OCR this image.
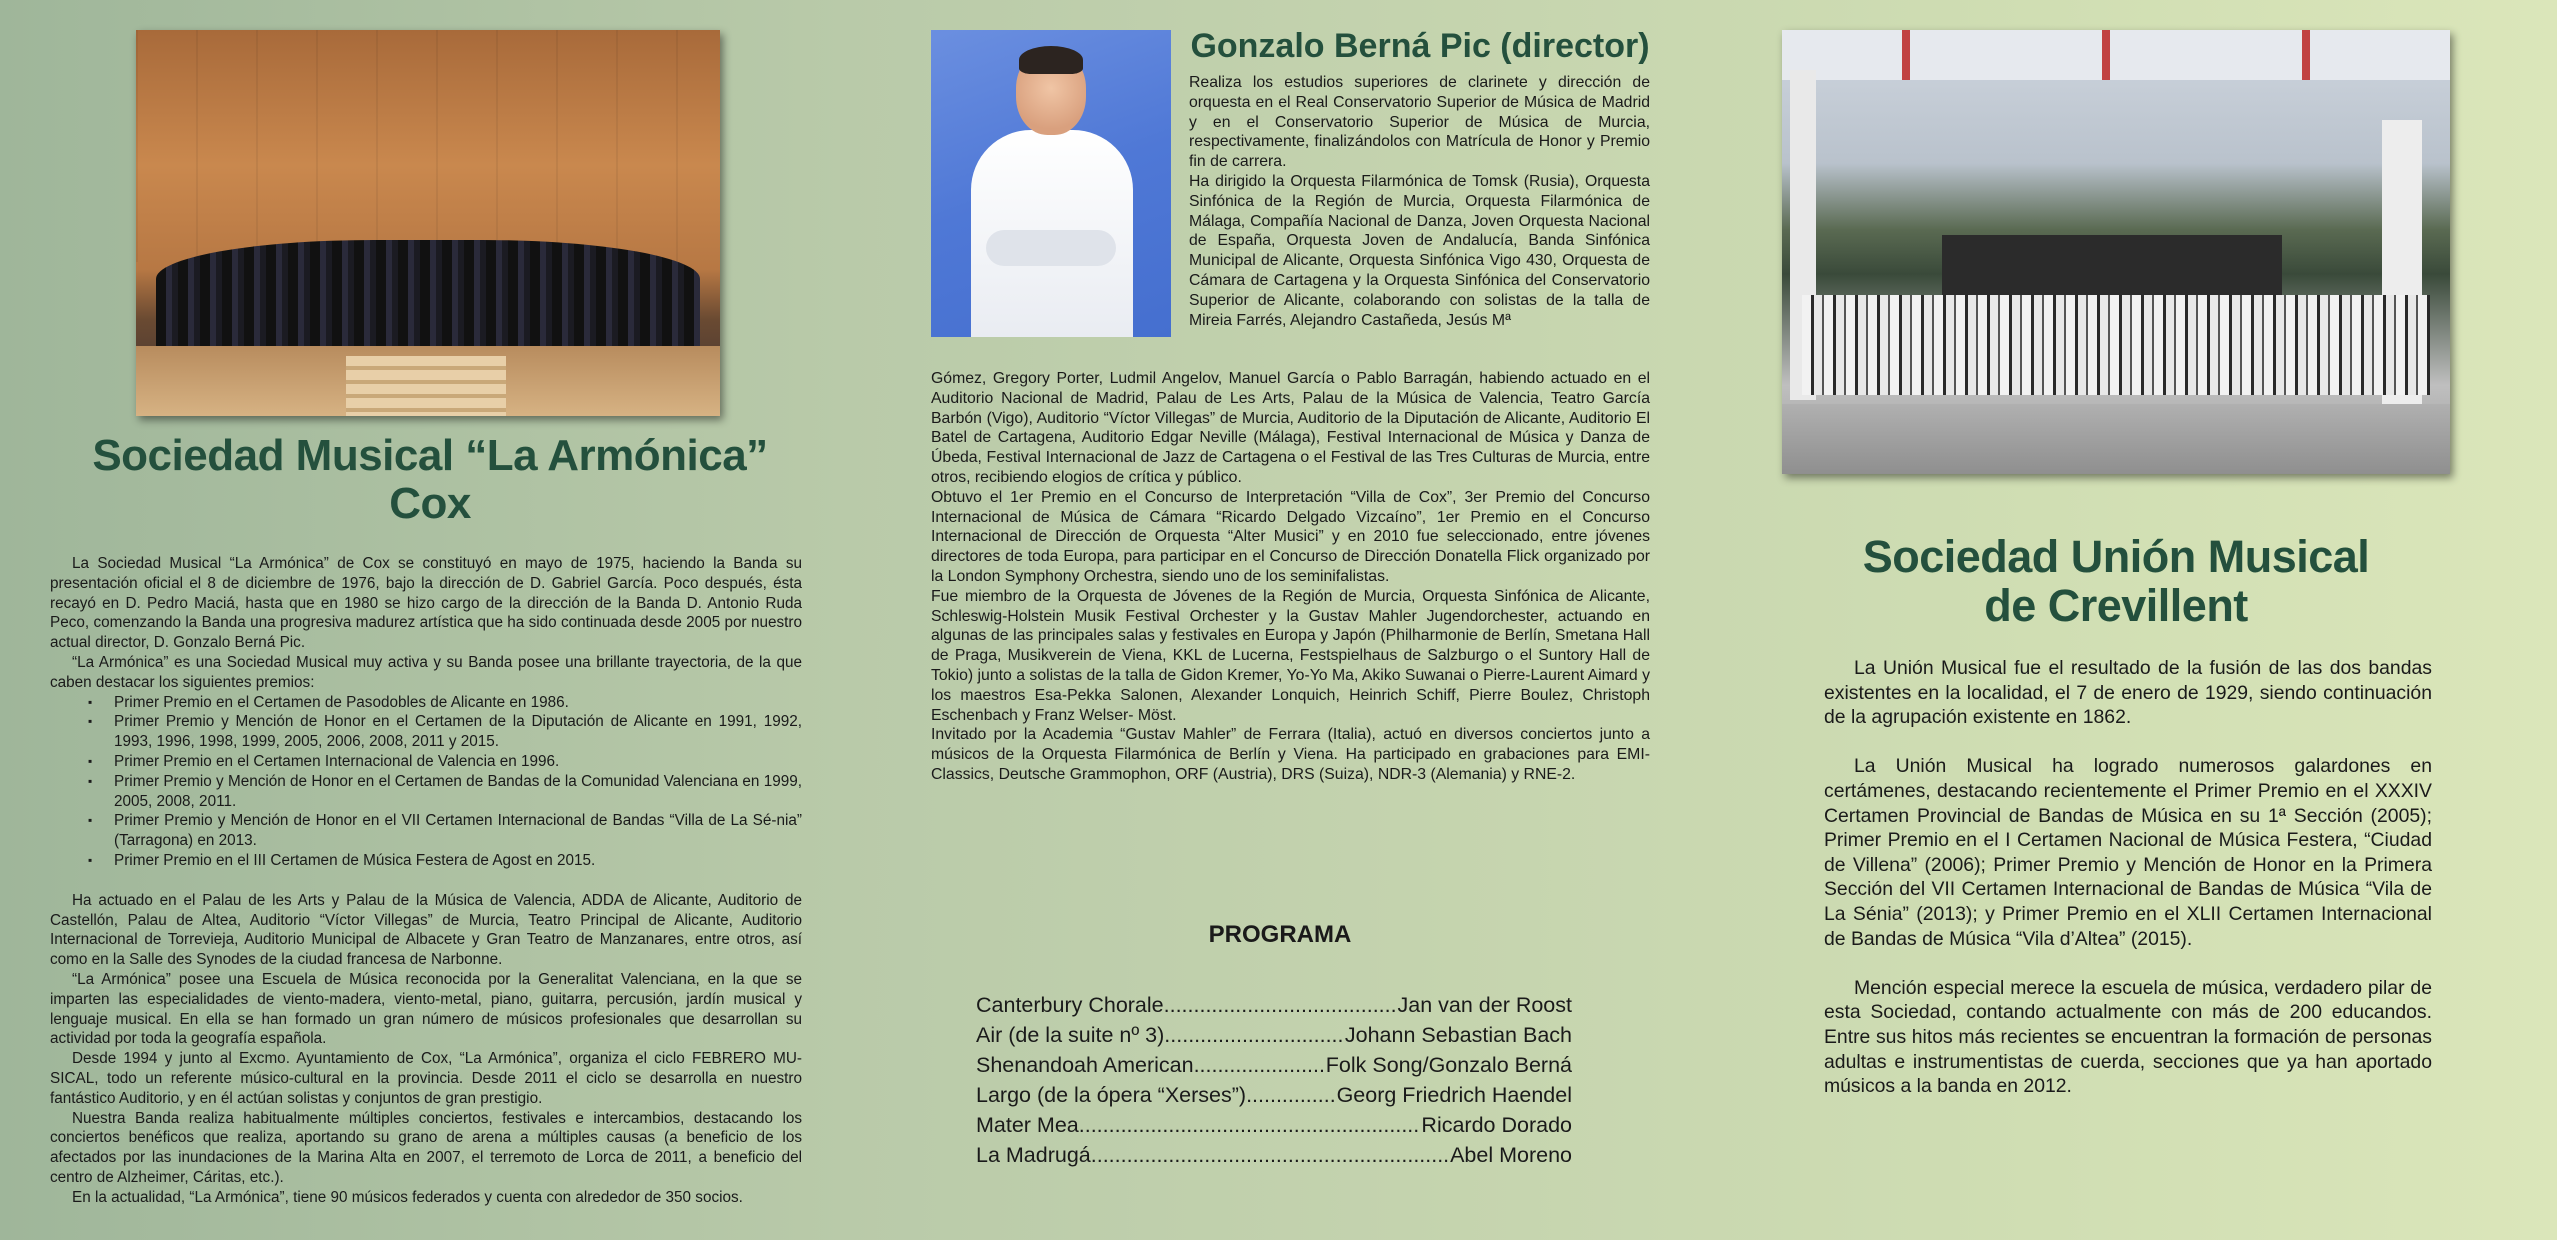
Sociedad Musical “La Armónica”
Cox

La Sociedad Musical “La Armónica” de Cox se constituyó en mayo de 1975, haciendo la Banda su presentación oficial el 8 de diciembre de 1976, bajo la dirección de D. Gabriel García. Poco después, ésta recayó en D. Pedro Maciá, hasta que en 1980 se hizo cargo de la dirección de la Banda D. Antonio Ruda Peco, comenzando la Banda una progresiva madurez artística que ha sido continuada desde 2005 por nuestro actual director, D. Gonzalo Berná Pic.

“La Armónica” es una Sociedad Musical muy activa y su Banda posee una brillante trayectoria, de la que caben destacar los siguientes premios:

▪ Primer Premio en el Certamen de Pasodobles de Alicante en 1986.
▪ Primer Premio y Mención de Honor en el Certamen de la Diputación de Alicante en 1991, 1992, 1993, 1996, 1998, 1999, 2005, 2006, 2008, 2011 y 2015.
▪ Primer Premio en el Certamen Internacional de Valencia en 1996.
▪ Primer Premio y Mención de Honor en el Certamen de Bandas de la Comunidad Valenciana en 1999, 2005, 2008, 2011.
▪ Primer Premio y Mención de Honor en el VII Certamen Internacional de Bandas “Villa de La Sé-nia” (Tarragona) en 2013.
▪ Primer Premio en el III Certamen de Música Festera de Agost en 2015.

Ha actuado en el Palau de les Arts y Palau de la Música de Valencia, ADDA de Alicante, Auditorio de Castellón, Palau de Altea, Auditorio “Víctor Villegas” de Murcia, Teatro Principal de Alicante, Auditorio Internacional de Torrevieja, Auditorio Municipal de Albacete y Gran Teatro de Manzanares, entre otros, así como en la Salle des Synodes de la ciudad francesa de Narbonne.

“La Armónica” posee una Escuela de Música reconocida por la Generalitat Valenciana, en la que se imparten las especialidades de viento-madera, viento-metal, piano, guitarra, percusión, jardín musical y lenguaje musical. En ella se han formado un gran número de músicos profesionales que desarrollan su actividad por toda la geografía española.

Desde 1994 y junto al Excmo. Ayuntamiento de Cox, “La Armónica”, organiza el ciclo FEBRERO MU-SICAL, todo un referente músico-cultural en la provincia. Desde 2011 el ciclo se desarrolla en nuestro fantástico Auditorio, y en él actúan solistas y conjuntos de gran prestigio.

Nuestra Banda realiza habitualmente múltiples conciertos, festivales e intercambios, destacando los conciertos benéficos que realiza, aportando su grano de arena a múltiples causas (a beneficio de los afectados por las inundaciones de la Marina Alta en 2007, el terremoto de Lorca de 2011, a beneficio del centro de Alzheimer, Cáritas, etc.).

En la actualidad, “La Armónica”, tiene 90 músicos federados y cuenta con alrededor de 350 socios.

Gonzalo Berná Pic (director)

Realiza los estudios superiores de clarinete y dirección de orquesta en el Real Conservatorio Superior de Música de Madrid y en el Conservatorio Superior de Música de Murcia, respectivamente, finalizándolos con Matrícula de Honor y Premio fin de carrera.

Ha dirigido la Orquesta Filarmónica de Tomsk (Rusia), Orquesta Sinfónica de la Región de Murcia, Orquesta Filarmónica de Málaga, Compañía Nacional de Danza, Joven Orquesta Nacional de España, Orquesta Joven de Andalucía, Banda Sinfónica Municipal de Alicante, Orquesta Sinfónica Vigo 430, Orquesta de Cámara de Cartagena y la Orquesta Sinfónica del Conservatorio Superior de Alicante, colaborando con solistas de la talla de Mireia Farrés, Alejandro Castañeda, Jesús Mª

Gómez, Gregory Porter, Ludmil Angelov, Manuel García o Pablo Barragán, habiendo actuado en el Auditorio Nacional de Madrid, Palau de Les Arts, Palau de la Música de Valencia, Teatro García Barbón (Vigo), Auditorio “Víctor Villegas” de Murcia, Auditorio de la Diputación de Alicante, Auditorio El Batel de Cartagena, Auditorio Edgar Neville (Málaga), Festival Internacional de Música y Danza de Úbeda, Festival Internacional de Jazz de Cartagena o el Festival de las Tres Culturas de Murcia, entre otros, recibiendo elogios de crítica y público.

Obtuvo el 1er Premio en el Concurso de Interpretación “Villa de Cox”, 3er Premio del Concurso Internacional de Música de Cámara “Ricardo Delgado Vizcaíno”, 1er Premio en el Concurso Internacional de Dirección de Orquesta “Alter Musici” y en 2010 fue seleccionado, entre jóvenes directores de toda Europa, para participar en el Concurso de Dirección Donatella Flick organizado por la London Symphony Orchestra, siendo uno de los seminifalistas.

Fue miembro de la Orquesta de Jóvenes de la Región de Murcia, Orquesta Sinfónica de Alicante, Schleswig-Holstein Musik Festival Orchester y la Gustav Mahler Jugendorchester, actuando en algunas de las principales salas y festivales en Europa y Japón (Philharmonie de Berlín, Smetana Hall de Praga, Musikverein de Viena, KKL de Lucerna, Festspielhaus de Salzburgo o el Suntory Hall de Tokio) junto a solistas de la talla de Gidon Kremer, Yo-Yo Ma, Akiko Suwanai o Pierre-Laurent Aimard y los maestros Esa-Pekka Salonen, Alexander Lonquich, Heinrich Schiff, Pierre Boulez, Christoph Eschenbach y Franz Welser- Möst.

Invitado por la Academia “Gustav Mahler” de Ferrara (Italia), actuó en diversos conciertos junto a músicos de la Orquesta Filarmónica de Berlín y Viena. Ha participado en grabaciones para EMI-Classics, Deutsche Grammophon, ORF (Austria), DRS (Suiza), NDR-3 (Alemania) y RNE-2.

PROGRAMA
Canterbury Chorale .....	Jan van der Roost
Air (de la suite nº 3) .....	Johann Sebastian Bach
Shenandoah American .....	Folk Song/Gonzalo Berná
Largo (de la ópera “Xerses”) .....	Georg Friedrich Haendel
Mater Mea .....	Ricardo Dorado
La Madrugá .....	Abel Moreno
Sociedad Unión Musical
de Crevillent

La Unión Musical fue el resultado de la fusión de las dos bandas existentes en la localidad, el 7 de enero de 1929, siendo continuación de la agrupación existente en 1862.

La Unión Musical ha logrado numerosos galardones en certámenes, destacando recientemente el Primer Premio en el XXXIV Certamen Provincial de Bandas de Música en su 1ª Sección (2005); Primer Premio en el I Certamen Nacional de Música Festera, “Ciudad de Villena” (2006); Primer Premio y Mención de Honor en la Primera Sección del VII Certamen Internacional de Bandas de Música “Vila de La Sénia” (2013); y Primer Premio en el XLII Certamen Internacional de Bandas de Música “Vila d’Altea” (2015).

Mención especial merece la escuela de música, verdadero pilar de esta Sociedad, contando actualmente con más de 200 educandos. Entre sus hitos más recientes se encuentran la formación de personas adultas e instrumentistas de cuerda, secciones que ya han aportado músicos a la banda en 2012.
